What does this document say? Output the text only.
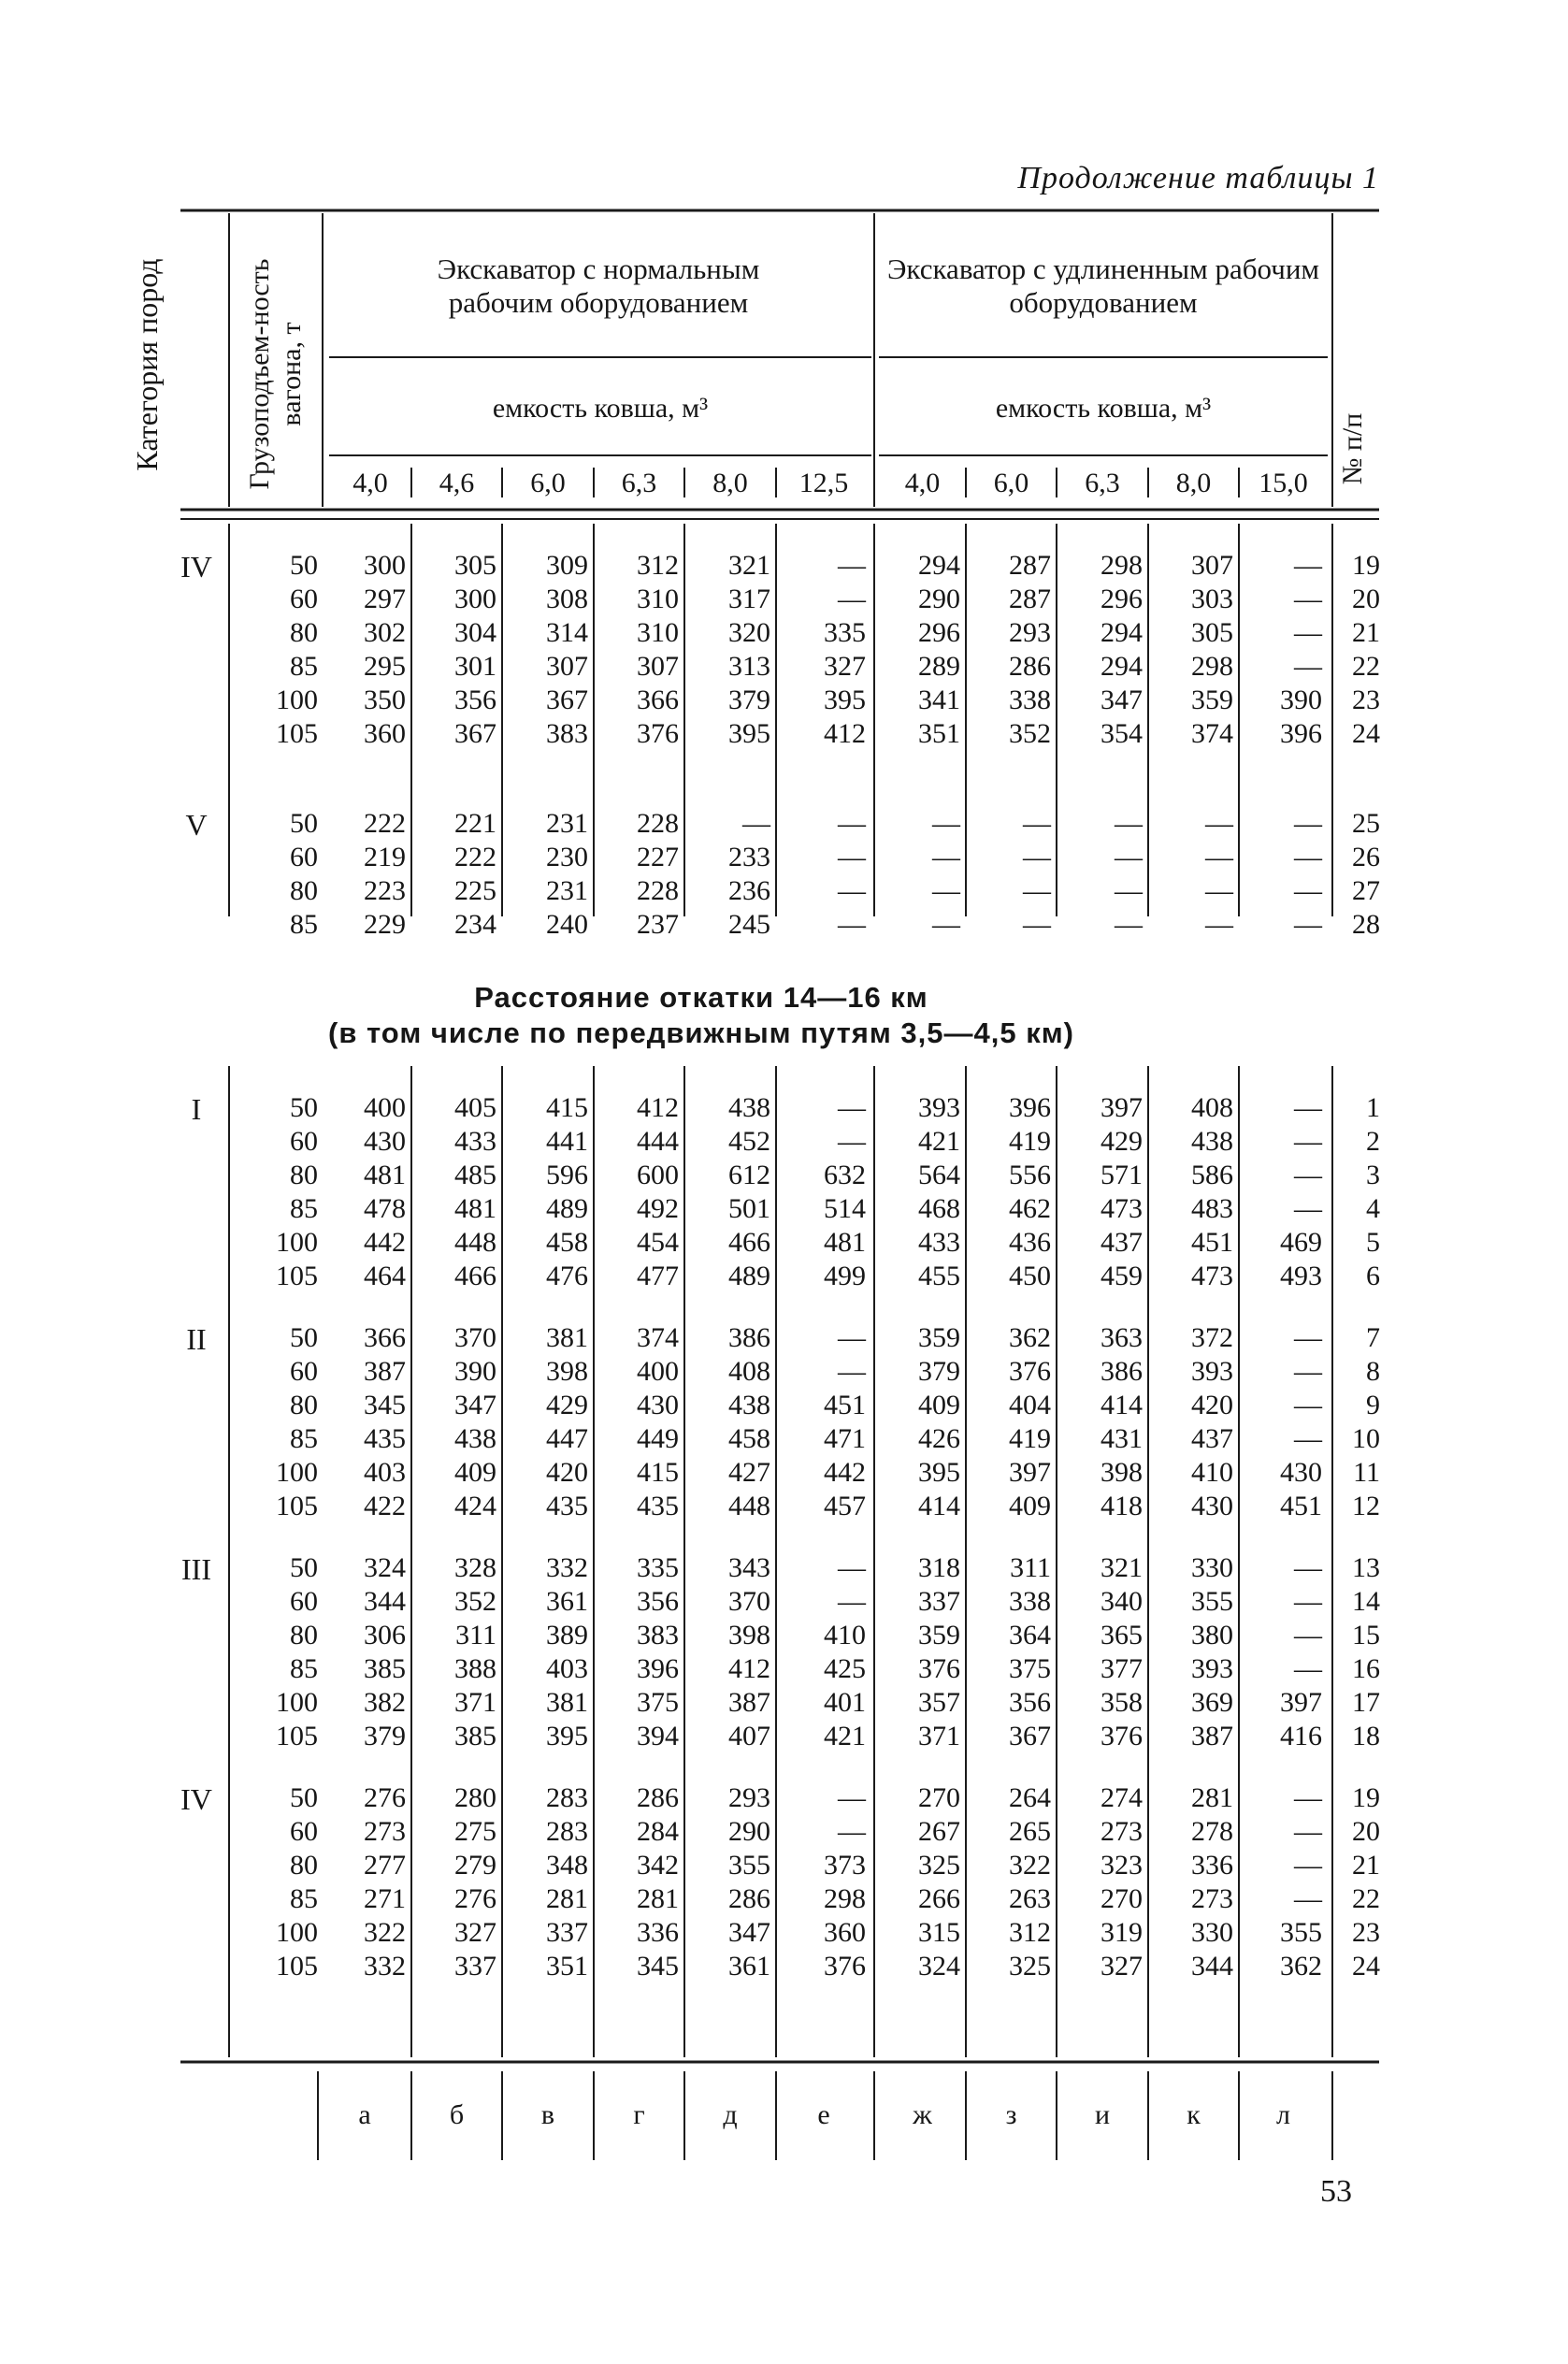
Продолжение таблицы 1
Категория пород	Грузоподъем-ность вагона, т
№ п/п
Экскаватор с нормальным рабочим оборудованием
Экскаватор с удлиненным рабочим оборудованием
емкость ковша, м³	емкость ковша, м³
4,0	4,6	6,0	6,3	8,0	12,5	4,0	6,0	6,3	8,0	15,0
IV	50	300	305	309	312	321	—	294	287	298	307	—	19
60	297	300	308	310	317	—	290	287	296	303	—	20
80	302	304	314	310	320	335	296	293	294	305	—	21
85	295	301	307	307	313	327	289	286	294	298	—	22
100	350	356	367	366	379	395	341	338	347	359	390	23
105	360	367	383	376	395	412	351	352	354	374	396	24
V	50	222	221	231	228	—	—	—	—	—	—	—	25
60	219	222	230	227	233	—	—	—	—	—	—	26
80	223	225	231	228	236	—	—	—	—	—	—	27
85	229	234	240	237	245	—	—	—	—	—	—	28
Расстояние откатки 14—16 км
(в том числе по передвижным путям 3,5—4,5 км)
I	50	400	405	415	412	438	—	393	396	397	408	—	1
60	430	433	441	444	452	—	421	419	429	438	—	2
80	481	485	596	600	612	632	564	556	571	586	—	3
85	478	481	489	492	501	514	468	462	473	483	—	4
100	442	448	458	454	466	481	433	436	437	451	469	5
105	464	466	476	477	489	499	455	450	459	473	493	6
II	50	366	370	381	374	386	—	359	362	363	372	—	7
60	387	390	398	400	408	—	379	376	386	393	—	8
80	345	347	429	430	438	451	409	404	414	420	—	9
85	435	438	447	449	458	471	426	419	431	437	—	10
100	403	409	420	415	427	442	395	397	398	410	430	11
105	422	424	435	435	448	457	414	409	418	430	451	12
III	50	324	328	332	335	343	—	318	311	321	330	—	13
60	344	352	361	356	370	—	337	338	340	355	—	14
80	306	311	389	383	398	410	359	364	365	380	—	15
85	385	388	403	396	412	425	376	375	377	393	—	16
100	382	371	381	375	387	401	357	356	358	369	397	17
105	379	385	395	394	407	421	371	367	376	387	416	18
IV	50	276	280	283	286	293	—	270	264	274	281	—	19
60	273	275	283	284	290	—	267	265	273	278	—	20
80	277	279	348	342	355	373	325	322	323	336	—	21
85	271	276	281	281	286	298	266	263	270	273	—	22
100	322	327	337	336	347	360	315	312	319	330	355	23
105	332	337	351	345	361	376	324	325	327	344	362	24
а	б	в	г	д	е	ж	з	и	к	л
53
